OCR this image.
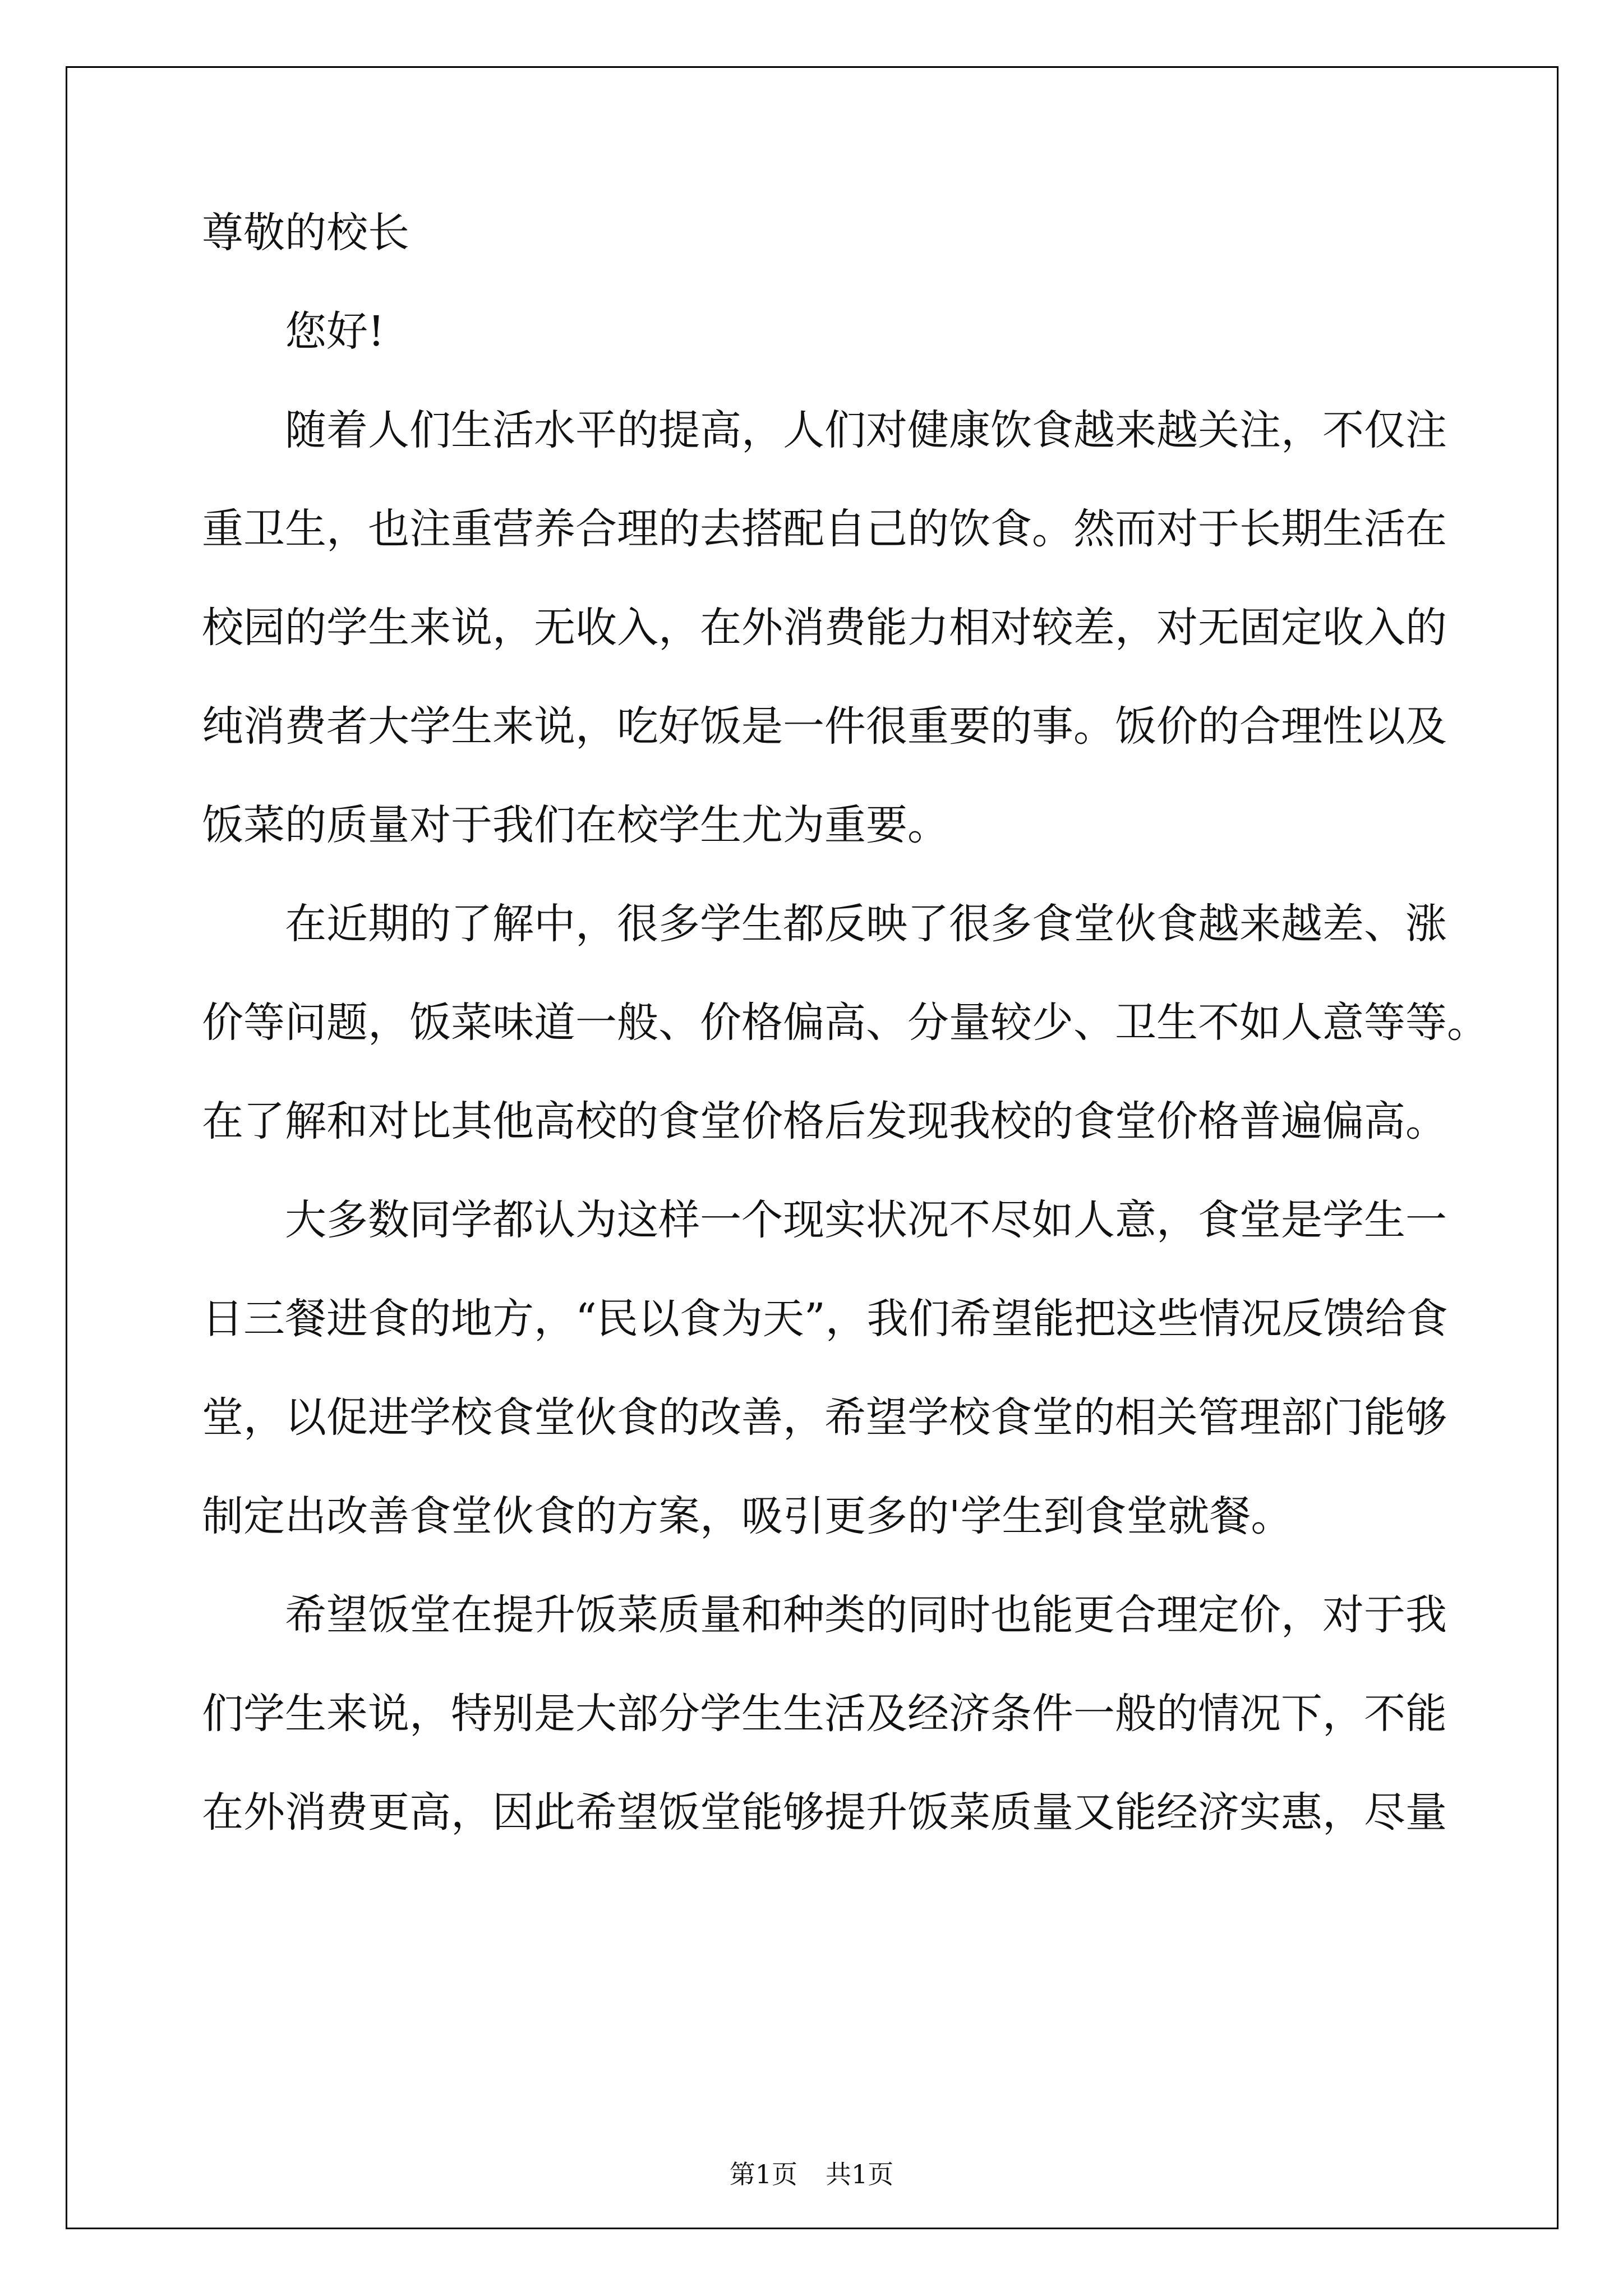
尊敬的校长
您好!
随着人们生活水平的提高，人们对健康饮食越来越关注，不仅注
重卫生，也注重营养合理的去搭配自己的饮食。然而对于长期生活在
校园的学生来说，无收入，在外消费能力相对较差，对无固定收入的
纯消费者大学生来说，吃好饭是一件很重要的事。饭价的合理性以及
饭菜的质量对于我们在校学生尤为重要。
在近期的了解中，很多学生都反映了很多食堂伙食越来越差、涨
价等问题，饭菜味道一般、价格偏高、分量较少、卫生不如人意等等。
在了解和对比其他高校的食堂价格后发现我校的食堂价格普遍偏高。
大多数同学都认为这样一个现实状况不尽如人意，食堂是学生一
日三餐进食的地方，“民以食为天”，我们希望能把这些情况反馈给食
堂，以促进学校食堂伙食的改善，希望学校食堂的相关管理部门能够
制定出改善食堂伙食的方案，吸引更多的'学生到食堂就餐。
希望饭堂在提升饭菜质量和种类的同时也能更合理定价，对于我
们学生来说，特别是大部分学生生活及经济条件一般的情况下，不能
在外消费更高，因此希望饭堂能够提升饭菜质量又能经济实惠，尽量
第1页 共1页
